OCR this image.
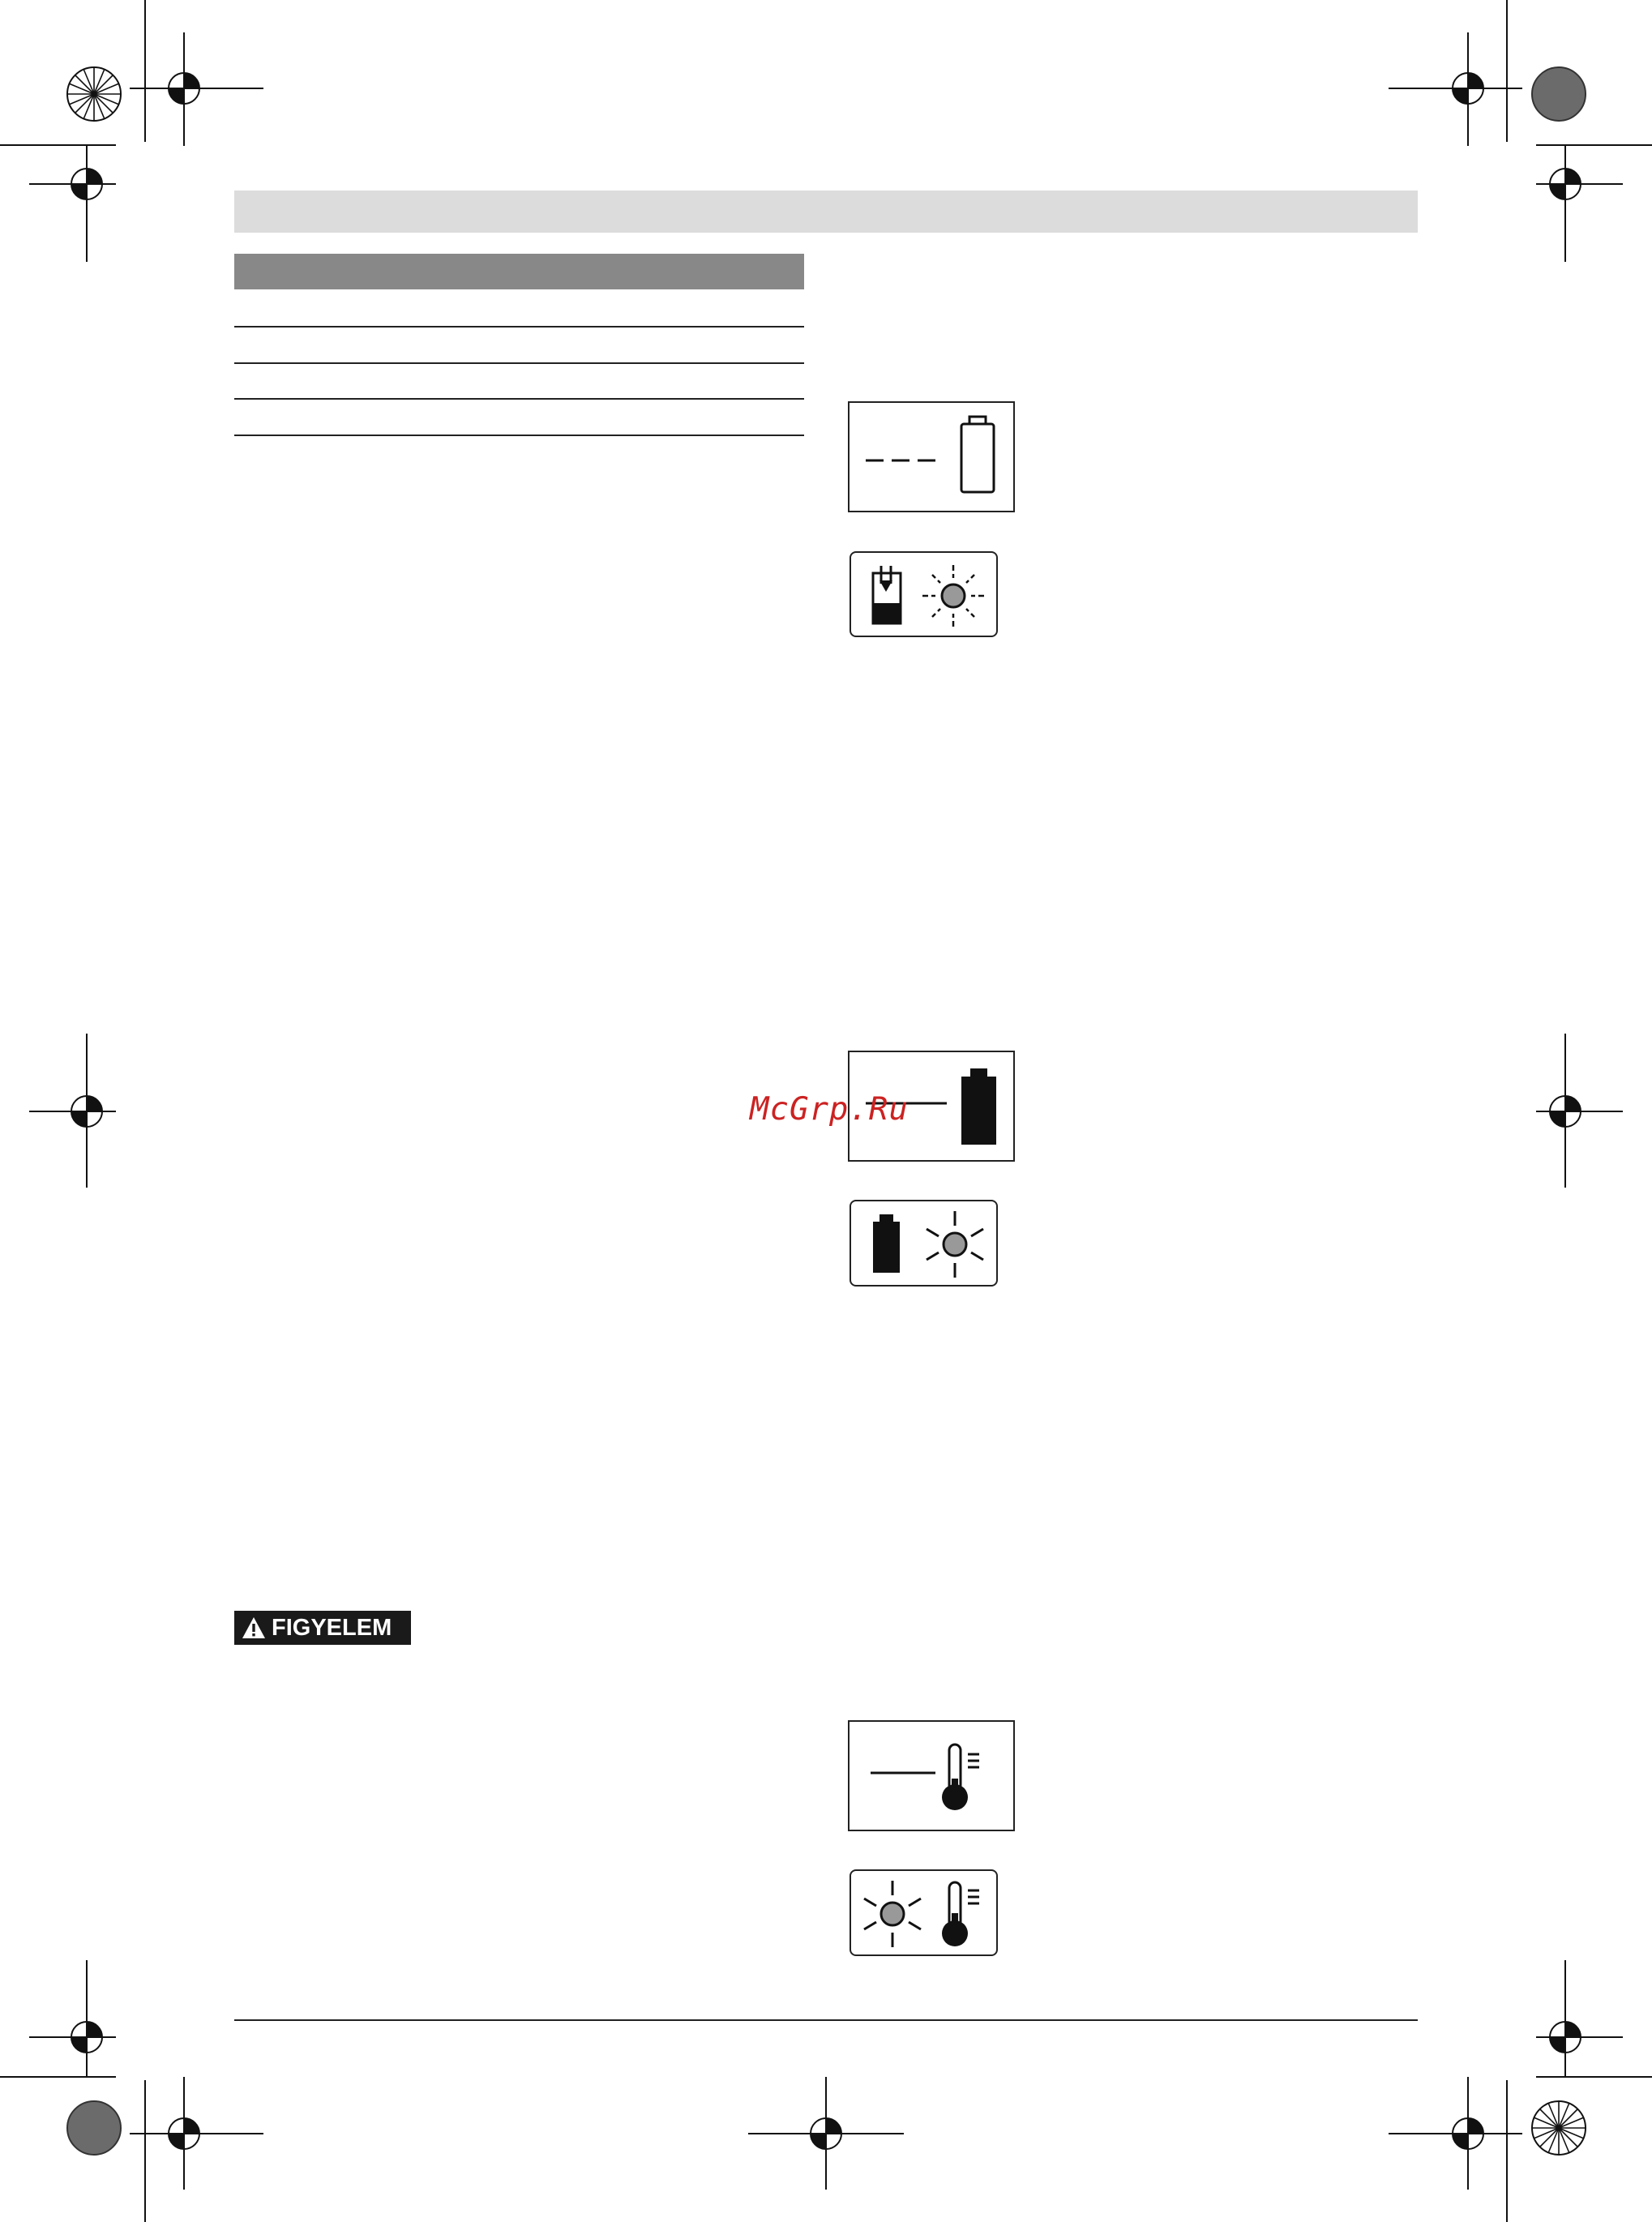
McGrp.Ru
FIGYELEM
